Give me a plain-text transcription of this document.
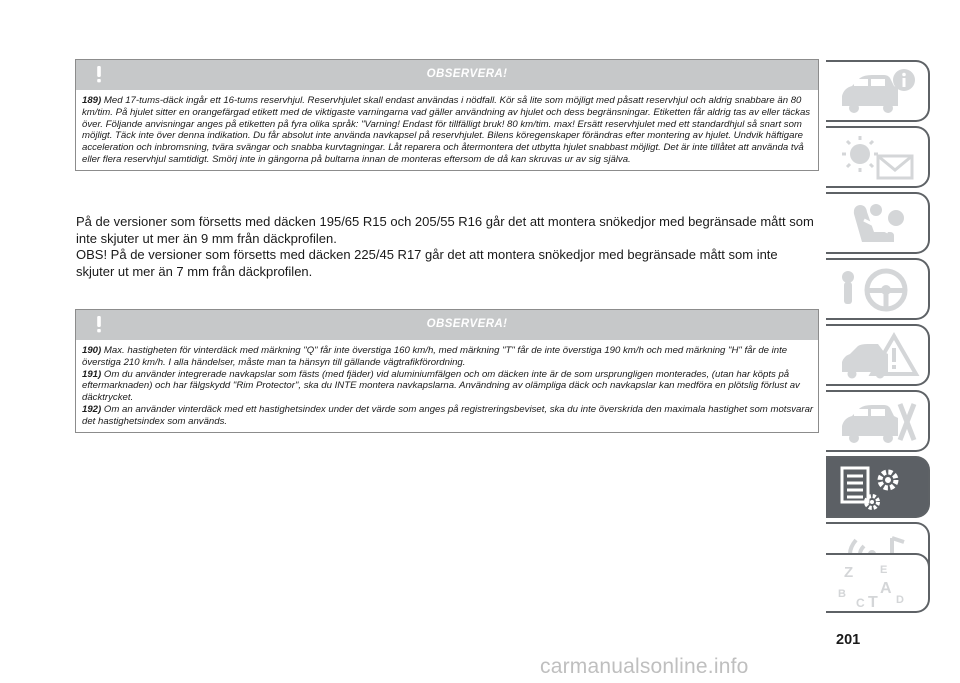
OBSERVERA!

189) Med 17-tums-däck ingår ett 16-tums reservhjul. Reservhjulet skall endast användas i nödfall. Kör så lite som möjligt med påsatt reservhjul och aldrig snabbare än 80 km/tim. På hjulet sitter en orangefärgad etikett med de viktigaste varningarna vad gäller användning av hjulet och dess begränsningar. Etiketten får aldrig tas av eller täckas över. Följande anvisningar anges på etiketten på fyra olika språk: "Varning! Endast för tillfälligt bruk! 80 km/tim. max! Ersätt reservhjulet med ett standardhjul så snart som möjligt. Täck inte över denna indikation. Du får absolut inte använda navkapsel på reservhjulet. Bilens köregenskaper förändras efter montering av hjulet. Undvik häftigare acceleration och inbromsning, tvära svängar och snabba kurvtagningar. Låt reparera och återmontera det utbytta hjulet snabbast möjligt. Det är inte tillåtet att använda två eller flera reservhjul samtidigt. Smörj inte in gängorna på bultarna innan de monteras eftersom de då kan skruvas ur av sig själva.

På de versioner som försetts med däcken 195/65 R15 och 205/55 R16 går det att montera snökedjor med begränsade mått som inte skjuter ut mer än 9 mm från däckprofilen.

OBS! På de versioner som försetts med däcken 225/45 R17 går det att montera snökedjor med begränsade mått som inte skjuter ut mer än 7 mm från däckprofilen.

OBSERVERA!

190) Max. hastigheten för vinterdäck med märkning "Q" får inte överstiga 160 km/h, med märkning "T" får de inte överstiga 190 km/h och med märkning "H" får de inte överstiga 210 km/h. I alla händelser, måste man ta hänsyn till gällande vägtrafikförordning.

191) Om du använder integrerade navkapslar som fästs (med fjäder) vid aluminiumfälgen och om däcken inte är de som ursprungligen monterades, (utan har köpts på eftermarknaden) och har fälgskydd "Rim Protector", ska du INTE montera navkapslarna. Användning av olämpliga däck och navkapslar kan medföra en plötslig förlust av däcktrycket.

192) Om an använder vinterdäck med ett hastighetsindex under det värde som anges på registreringsbeviset, ska du inte överskrida den maximala hastighet som motsvarar det hastighetsindex som används.

Z E
A
B	D
C T
201
carmanualsonline.info
